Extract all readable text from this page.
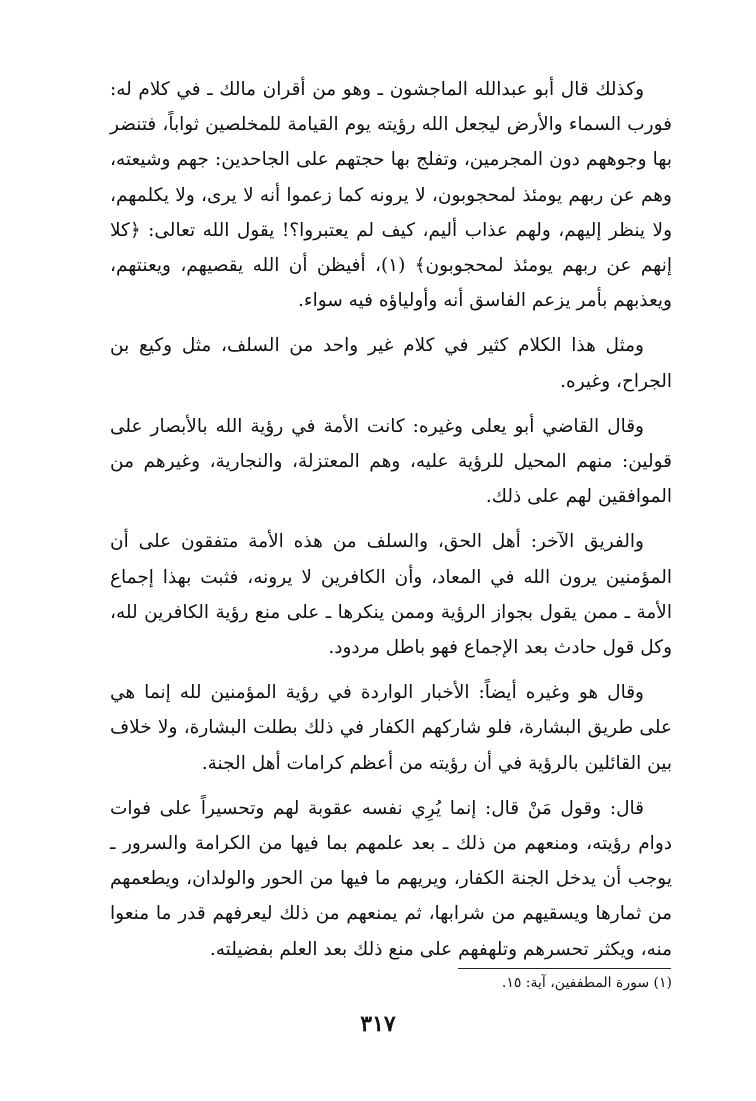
وكذلك قال أبو عبدالله الماجشون ـ وهو من أقران مالك ـ في كلام له: فورب السماء والأرض ليجعل الله رؤيته يوم القيامة للمخلصين ثواباً، فتنضر بها وجوههم دون المجرمين، وتفلج بها حجتهم على الجاحدين: جهم وشيعته، وهم عن ربهم يومئذ لمحجوبون، لا يرونه كما زعموا أنه لا يرى، ولا يكلمهم، ولا ينظر إليهم، ولهم عذاب أليم، كيف لم يعتبروا؟! يقول الله تعالى: ﴿كلا إنهم عن ربهم يومئذ لمحجوبون﴾ (١)، أفيظن أن الله يقصيهم، ويعنتهم، ويعذبهم بأمر يزعم الفاسق أنه وأولياؤه فيه سواء.

ومثل هذا الكلام كثير في كلام غير واحد من السلف، مثل وكيع بن الجراح، وغيره.

وقال القاضي أبو يعلى وغيره: كانت الأمة في رؤية الله بالأبصار على قولين: منهم المحيل للرؤية عليه، وهم المعتزلة، والنجارية، وغيرهم من الموافقين لهم على ذلك.

والفريق الآخر: أهل الحق، والسلف من هذه الأمة متفقون على أن المؤمنين يرون الله في المعاد، وأن الكافرين لا يرونه، فثبت بهذا إجماع الأمة ـ ممن يقول بجواز الرؤية وممن ينكرها ـ على منع رؤية الكافرين لله، وكل قول حادث بعد الإجماع فهو باطل مردود.

وقال هو وغيره أيضاً: الأخبار الواردة في رؤية المؤمنين لله إنما هي على طريق البشارة، فلو شاركهم الكفار في ذلك بطلت البشارة، ولا خلاف بين القائلين بالرؤية في أن رؤيته من أعظم كرامات أهل الجنة.

قال: وقول مَنْ قال: إنما يُرِي نفسه عقوبة لهم وتحسيراً على فوات دوام رؤيته، ومنعهم من ذلك ـ بعد علمهم بما فيها من الكرامة والسرور ـ يوجب أن يدخل الجنة الكفار، ويريهم ما فيها من الحور والولدان، ويطعمهم من ثمارها ويسقيهم من شرابها، ثم يمنعهم من ذلك ليعرفهم قدر ما منعوا منه، ويكثر تحسرهم وتلهفهم على منع ذلك بعد العلم بفضيلته.

(١) سورة المطففين، آية: ١٥.
٣١٧
